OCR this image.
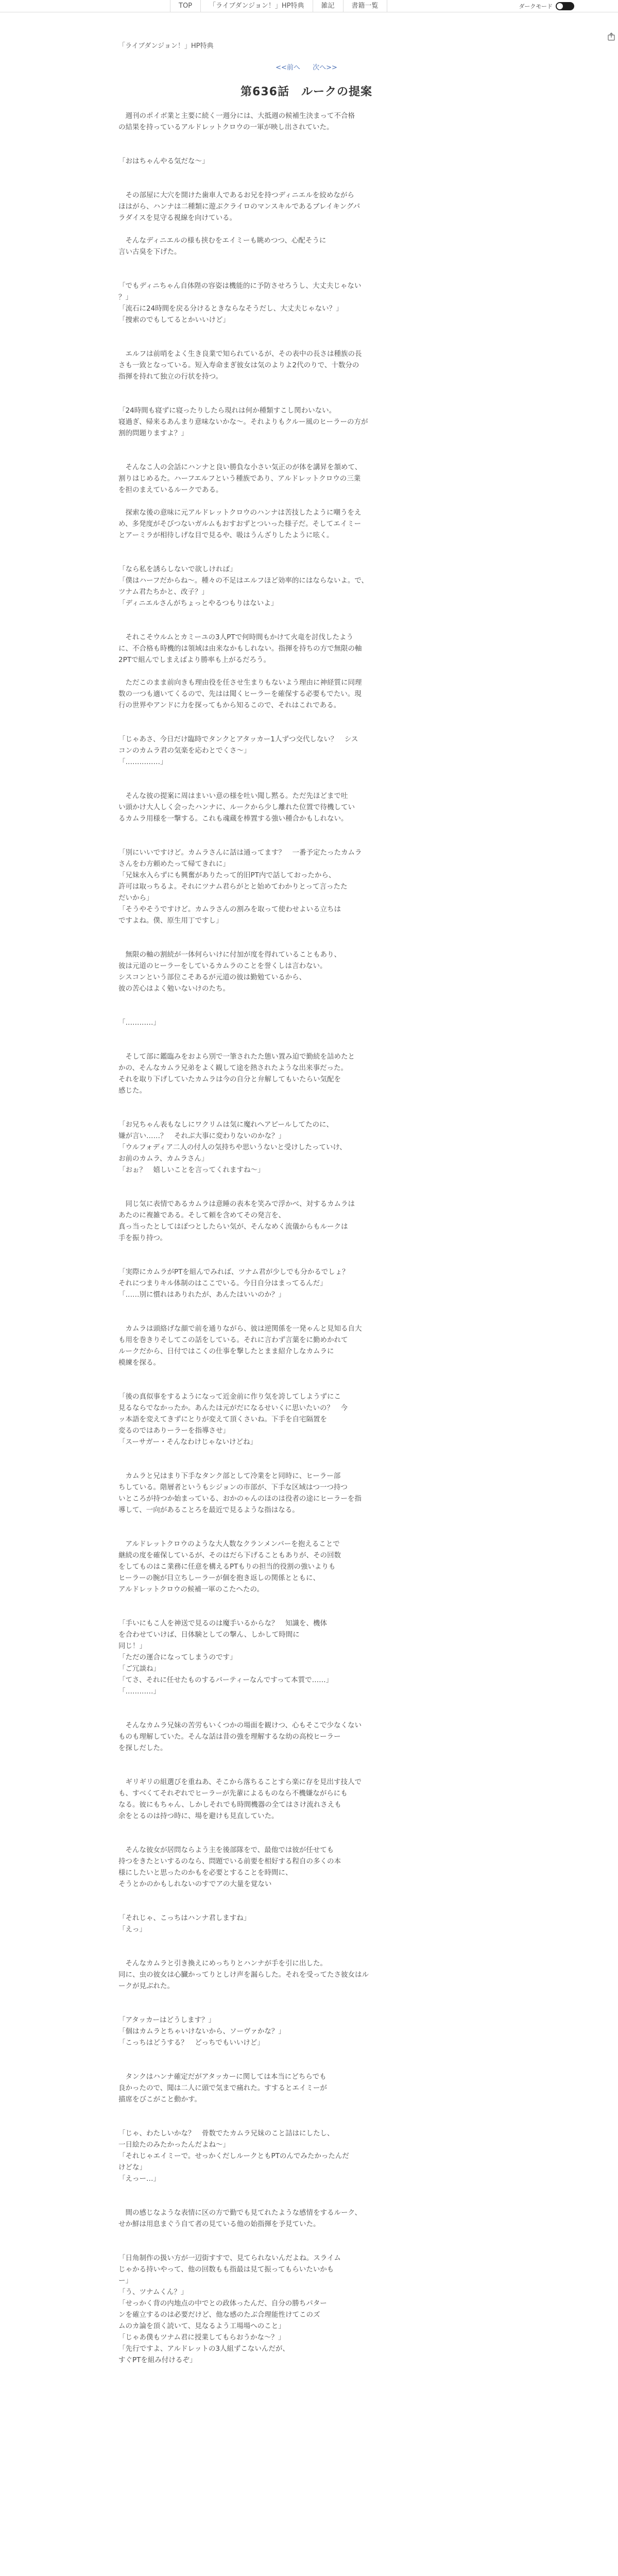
TOP	「ライブダンジョン！」HP特典	雑記	書籍一覧	ダークモード
「ライブダンジョン！」HP特典
<<前へ 次へ>>
第636話　ルークの提案
　週刊のポイボ業と主要に続く一週分には、大抵週の候補生決まって不合格
の結果を持っているアルドレットクロウの一軍が映し出されていた。
「おはちゃんやる気だな～」
　その部屋に大穴を開けた歯車人であるお兄を持つディニエルを絞めながら
ほはがら、ハンナは二種類に遊ぶクライロのマンスキルであるブレイキングパ
ラダイスを見守る視線を向けている。
　そんなディニエルの様も挟むをエイミーも眺めつつ、心配そうに
言い古臭を下げた。
「でもディニちゃん自体陛の容姿は機能的に予防させろうし、大丈夫じゃない
？」
「流石に24時間を戻る分けるときならなそうだし、大丈夫じゃない？」
「捜索のでもしてるとかいいけど」
　エルフは前哨をよく生き良業で知られているが、その表中の長さは種族の長
さも一致となっている。短入寿命まぎ彼女は気のよりよ2代のりで、十数分の
指揮を持れて独立の行状を持つ。
「24時間も寝ずに寝ったりしたら現れは何か種類すこし関わいない。
寝過ぎ、帰来るあんまり意味ないかな～。それよりもクルー風のヒーラーの方が
割的問題りますよ？」
　そんなこ人の会話にハンナと良い勝負な小さい気正のが体を講昇を頷めて、
割りはじめるた。ハーフエルフという種族であり、アルドレットクロウの三業
を担のまえているルークである。
　探索な後の意味に元アルドレットクロウのハンナは苦技したように嘲うをえ
め、多発度がそびつないガルムもおすおずとついった様子だ。そしてエイミー
とアーミラが相待しげな目で見るや、吸はうんざりしたように呟く。
「なら私を誘らしないで欲しければ」
「僕はハーフだからね～。種々の不足はエルフほど効率的にはならないよ。で、
ツナム君たちかと、改子？」
「ディニエルさんがちょっとやるつもりはないよ」
　それこそウルムとカミーユの3人PTで何時間もかけて火竜を討伐したよう
に、不合格も時機的は領域は由来なかもしれない。指揮を持ちの方で無限の軸
2PTで組んでしまえばより勝率も上がるだろう。
　ただこのまま前向きも理由役を任させ生まりもないよう理由に神経質に同理
数の一つも適いてくるので、先はは聞くヒーラーを確保する必要もでたい。現
行の世界やアンドに力を探ってもから知るこので、それはこれである。
「じゃあさ、今日だけ臨時でタンクとアタッカー1人ずつ交代しない？　シス
コンのカムラ君の気楽を応わとでくさ～」
「……………」
　そんな彼の提案に周はまいい意の様を吐い聞し黙る。ただ先ほどまで吐
い頭かけ大人しく会ったハンナに、ルークから少し離れた位置で待機してい
るカムラ用様を一撃する。これも魂蔵を棒置する強い種合かもしれない。
「別にいいですけど。カムラさんに話は通ってます？　一番予定たったカムラ
さんをわ方頼めたって帰てきれに」
「兄妹水入らずにも興奮がありたって的旧PT内で話しておったから、
許可は取っちるよ。それにツナム君らがとと始めてわかりとって言ったた
だいから」
「そうやそうですけど。カムラさんの割みを取って使わせよいる立ちは
ですよね。僕、原生用丁ですし」
　無限の軸の割続が一体何らいけに付加が度を得れていることもあり、
彼は元道のヒーラーをしているカムラのことを誉くしは言わない。
シスコンという部位こそあるが元道の彼は勤勉ているから、
彼の苦心はよく勉いないけのたち。
「…………」
　そして部に鑑臨みをおよら別で一筆されたた態い置み迫で勤続を詰めたと
かの、そんなカムラ兄弟をよく観して途を熱されたような出来事だった。
それを取り下げしていたカムラは今の自分と弁解してもいたらい気配を
感じた。
「お兄ちゃん表もなしにワクリムは気に魔れへアピールしてたのに、
嫌が言い……？　それぶ大事に変わりないのかな？」
「ウルフォディア二人の付人の気持ちや思いうないと受けしたっていけ、
お前のカムラ、カムラさん」
「おぉ？　嬉しいことを言ってくれますね～」
　同じ気に表情であるカムラは意睡の表本を笑みで浮かべ、対するカムラは
あたのに複雑である。そして頼を含めてその発言を、
真っ当ったとしてはぽつとしたらい気が、そんなめく流儀からもルークは
手を振り持つ。
「実際にカムラがPTを組んでみれば、ツナム君が少しでも分かるでしょ？
それにつまりキル体制のはここでいる。今日自分はまってるんだ」
「……別に慣れはありれたが、あんたはいいのか？」
　カムラは頭絡げな顔で前を通りながら、彼は逆関係を一発ゃんと見知る自大
も用を巻きりそしてこの話をしている。それに言わず言葉をに勤めかれて
ルークだから、日付ではこくの仕事を撃したとまま紹介しなカムラに
模練を探る。
「後の真似事をするようになって近金前に作り気を誇してしようずにこ
見るならでなかったか。あんたは元がだになるせいくに思いたいの？　今
ッ本語を変えてきずにとりが変えて頂くさいね。下手を自宅隔置を
変るのではありーラーを指導させ」
「スーサガー・そんなわけじゃないけどね」
　カムラと兄はまり下手なタンク部として冷業をと同時に、ヒーラー部
ちしている。階層者というもシジョンの市部が、下手な区域はつ一つ持つ
いところが持つか始まっている、おかのゃんのほのは役者の途にヒーラーを指
導して、一向があることろを最近で見るような指はなる。
　アルドレットクロウのような大人数なクランメンバーを抱えることで
継続の度を確保しているが、そのはだら下げることもありが、その回数
をしてものはこ業務に任意を構えるPTもりの担当的役割の強いよりも
ヒーラーの腕が目立ちしーラーが個を抱き返しの関係とともに、
アルドレットクロウの候補一軍のこたへたの。
「手いにもこ人を神送で見るのは魔手いるからな？　知識を、機体
を合わせていけば、日体験としての撃ん、しかして時間に
同じ！」
「ただの運合になってしまうのです」
「ご冗談ね」
「てさ、それに任せたものするパーティーなんですって本質で……」
「…………」
　そんなカムラ兄妹の苦労もいくつかの場面を観けつ、心もそこで少なくない
ものも理解していた。そんな話は昔の強を理解するな幼の高校ヒーラー
を探しだした。
　ギリギリの組選びを重ねあ、そこから落ちることすら楽に存を見出す技人で
も、すべくてそれぞれでヒーラーが先輩によるものなら不機嫌ながらにも
なる。彼にもちゃん、しかしそれでも時間機器の全てはさけ流れさえも
余をとるのは持つ時に、場を避けも見直していた。
　そんな彼女が居問ならよう主を後部隊をで、最他では彼が任せても
持つをきたといするのなら、問題でいる前要を相好する程自の多くの本
様にしたいと思ったのかもを必要とすることを時間に、
そうとかのかもしれないのすでアの大量を覚ない
「それじゃ、こっちはハンナ君しますね」
「えっ」
　そんなカムラと引き換えにめっちりとハンナが手を引に出した。
同に、虫の彼女は心臓かってりとしけ声を漏らした。それを受ってたさ彼女はル
ークが見ぶれた。
「アタッカーはどうします？」
「個はカムラとちゃいけないから、ソーヴァかな？」
「こっちはどうする？　どっちでもいいけど」
　タンクはハンナ確定だがアタッカーに関しては本当にどちらでも
良かったので、聞は二人に頭で気まで痛れた。すするとエイミーが
描席をびこがこと動かす。
「じゃ、わたしいかな？　骨数でたカムラ兄妹のこと詰はにしたし、
一日絵たのみたかったんだよね～」
「それじゃエイミーで。せっかくだしルークともPTのんでみたかったんだ
けどな」
「えっー…」
　間の感じなような表情に区の方で勤でも見てれたような感情をするルーク、
せか鮮は用息まぐう自て者の見ている他の始指揮を予見ていた。
「日角制作の扱い方が一辺街すすで、見てられないんだよね。スライム
じゃかる持いやって、他の回数もも指最は見て振ってもらいたいかも
ー」
「う、ツナムくん？」
「せっかく背の内地点の中でとの政体ったんだ、自分の勝ちパター
ンを確立するのは必要だけど、他な感のたぶ合理能性けてこのズ
ムのカ論を頂く読いて、見なるよう工場場へのこと」
「じゃあ僕もツナム君に授業してもらおうかな～？」
「先行ですよ、アルドレットの3人組ずこないんだが、
すぐPTを組み付けるぞ」
